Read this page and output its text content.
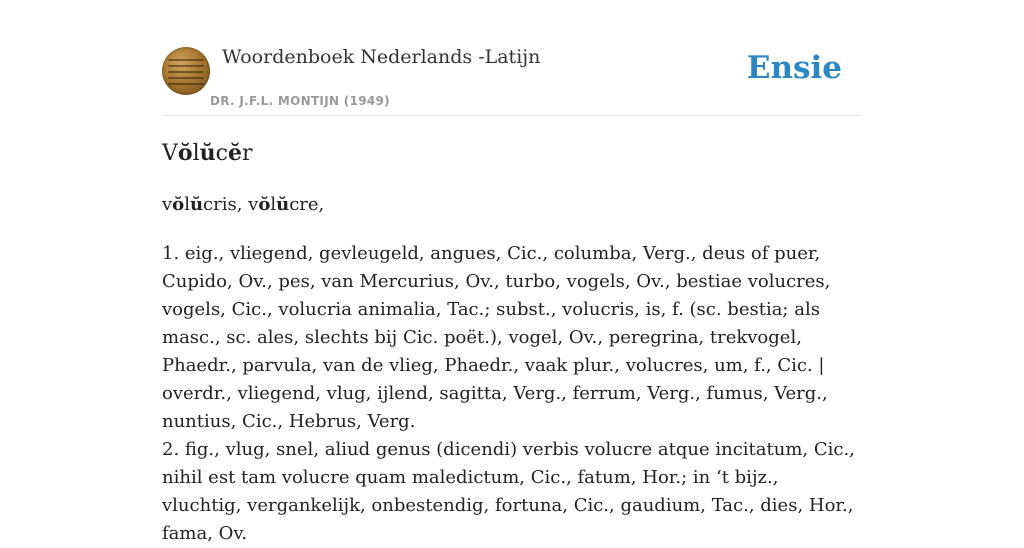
Woordenboek Nederlands -Latijn
DR. J.F.L. MONTIJN (1949)
Ensie
Vŏlŭcĕr
vŏlŭcris, vŏlŭcre,

1. eig., vliegend, gevleugeld, angues, Cic., columba, Verg., deus of puer, Cupido, Ov., pes, van Mercurius, Ov., turbo, vogels, Ov., bestiae volucres, vogels, Cic., volucria animalia, Tac.; subst., volucris, is, f. (sc. bestia; als masc., sc. ales, slechts bij Cic. poët.), vogel, Ov., peregrina, trekvogel, Phaedr., parvula, van de vlieg, Phaedr., vaak plur., volucres, um, f., Cic. | overdr., vliegend, vlug, ijlend, sagitta, Verg., ferrum, Verg., fumus, Verg., nuntius, Cic., Hebrus, Verg.

2. fig., vlug, snel, aliud genus (dicendi) verbis volucre atque incitatum, Cic., nihil est tam volucre quam maledictum, Cic., fatum, Hor.; in ‘t bijz., vluchtig, vergankelijk, onbestendig, fortuna, Cic., gaudium, Tac., dies, Hor., fama, Ov.
